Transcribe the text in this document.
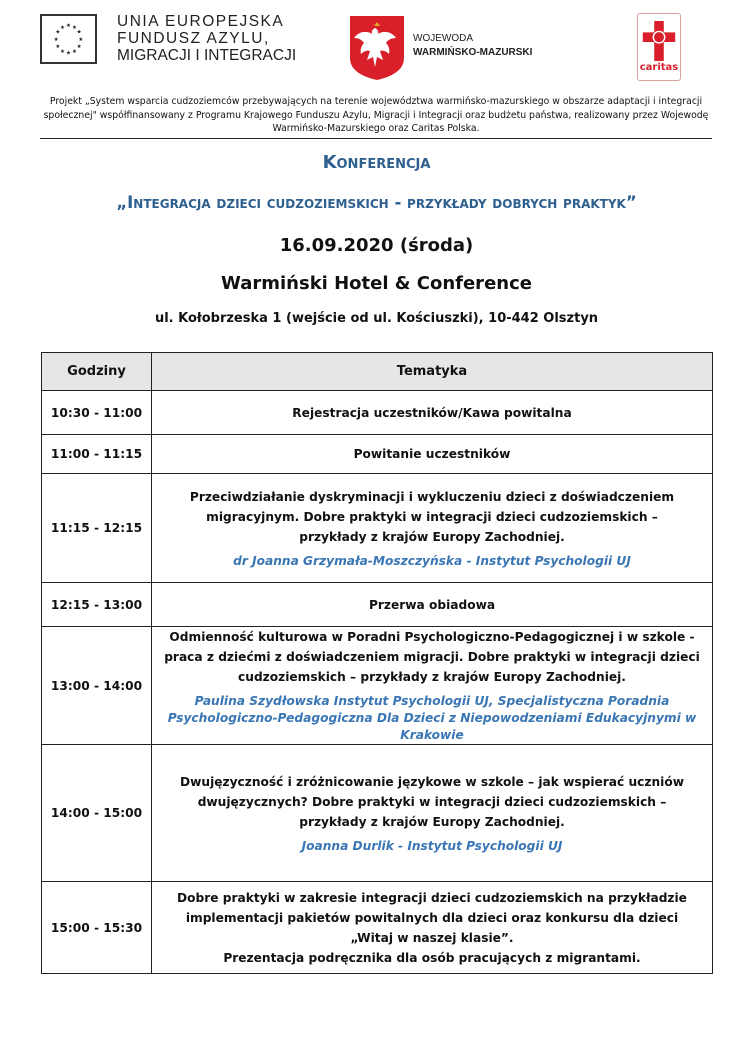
★ ★
★
★
★
★
★
★
★
★
★
★	UNIA EUROPEJSKA
FUNDUSZ AZYLU,
MIGRACJI I INTEGRACJI
WOJEWODA
WARMIŃSKO-MAZURSKI
caritas
Projekt „System wsparcia cudzoziemców przebywających na terenie województwa warmińsko-mazurskiego w obszarze adaptacji i integracji społecznej" współfinansowany z Programu Krajowego Funduszu Azylu, Migracji i Integracji oraz budżetu państwa, realizowany przez Wojewodę Warmińsko-Mazurskiego oraz Caritas Polska.
Konferencja
„Integracja dzieci cudzoziemskich - przykłady dobrych praktyk”
16.09.2020 (środa)
Warmiński Hotel & Conference
ul. Kołobrzeska 1 (wejście od ul. Kościuszki), 10-442 Olsztyn
Godziny	Tematyka
10:30 - 11:00	Rejestracja uczestników/Kawa powitalna
11:00 - 11:15	Powitanie uczestników
11:15 - 12:15	Przeciwdziałanie dyskryminacji i wykluczeniu dzieci z doświadczeniem migracyjnym. Dobre praktyki w integracji dzieci cudzoziemskich – przykłady z krajów Europy Zachodniej.

dr Joanna Grzymała-Moszczyńska - Instytut Psychologii UJ

12:15 - 13:00	Przerwa obiadowa
13:00 - 14:00	Odmienność kulturowa w Poradni Psychologiczno-Pedagogicznej i w szkole - praca z dziećmi z doświadczeniem migracji. Dobre praktyki w integracji dzieci cudzoziemskich – przykłady z krajów Europy Zachodniej.

Paulina Szydłowska Instytut Psychologii UJ, Specjalistyczna Poradnia Psychologiczno-Pedagogiczna Dla Dzieci z Niepowodzeniami Edukacyjnymi w Krakowie

14:00 - 15:00	Dwujęzyczność i zróżnicowanie językowe w szkole – jak wspierać uczniów dwujęzycznych? Dobre praktyki w integracji dzieci cudzoziemskich – przykłady z krajów Europy Zachodniej.

Joanna Durlik - Instytut Psychologii UJ

15:00 - 15:30	Dobre praktyki w zakresie integracji dzieci cudzoziemskich na przykładzie implementacji pakietów powitalnych dla dzieci oraz konkursu dla dzieci „Witaj w naszej klasie”.

Prezentacja podręcznika dla osób pracujących z migrantami.
